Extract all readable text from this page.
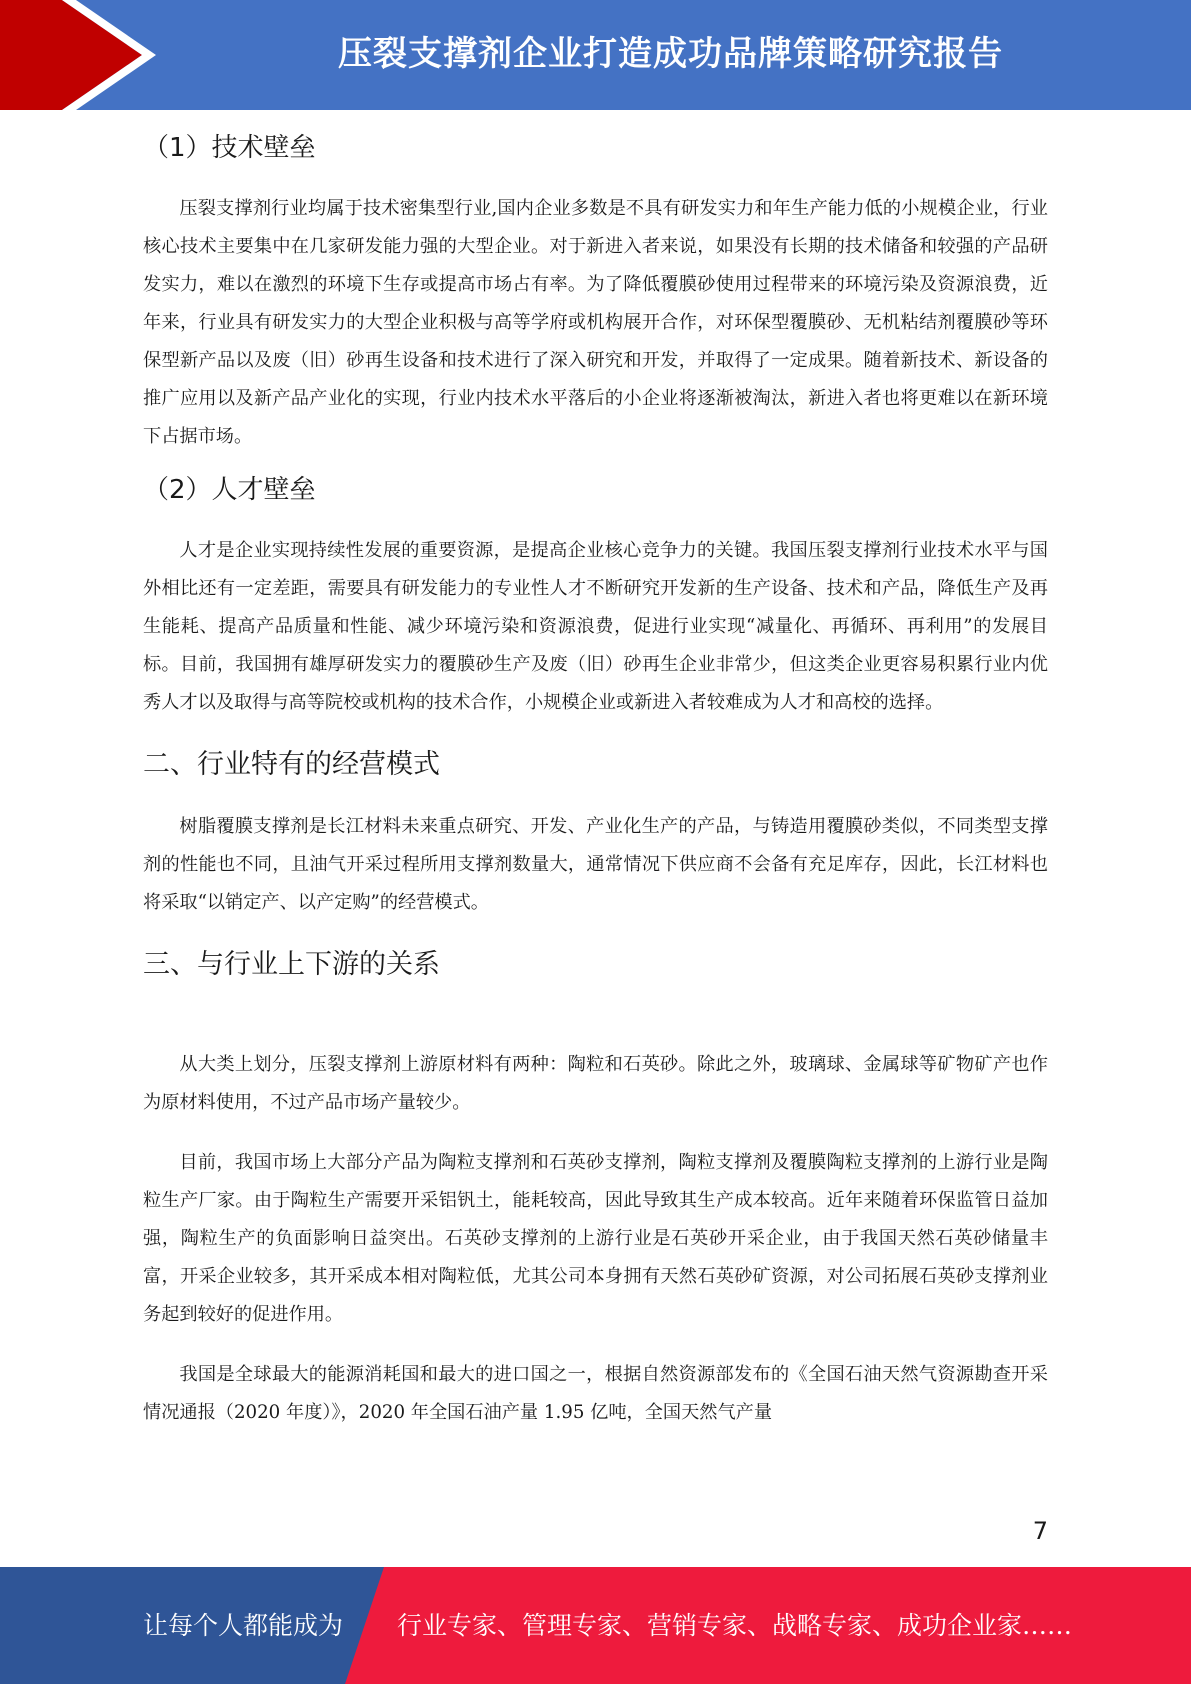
压裂支撑剂企业打造成功品牌策略研究报告
（1）技术壁垒

压裂支撑剂行业均属于技术密集型行业,国内企业多数是不具有研发实力和年生产能力低的小规模企业，行业核心技术主要集中在几家研发能力强的大型企业。对于新进入者来说，如果没有长期的技术储备和较强的产品研发实力，难以在激烈的环境下生存或提高市场占有率。为了降低覆膜砂使用过程带来的环境污染及资源浪费，近年来，行业具有研发实力的大型企业积极与高等学府或机构展开合作，对环保型覆膜砂、无机粘结剂覆膜砂等环保型新产品以及废（旧）砂再生设备和技术进行了深入研究和开发，并取得了一定成果。随着新技术、新设备的推广应用以及新产品产业化的实现，行业内技术水平落后的小企业将逐渐被淘汰，新进入者也将更难以在新环境下占据市场。

（2）人才壁垒

人才是企业实现持续性发展的重要资源，是提高企业核心竞争力的关键。我国压裂支撑剂行业技术水平与国外相比还有一定差距，需要具有研发能力的专业性人才不断研究开发新的生产设备、技术和产品，降低生产及再生能耗、提高产品质量和性能、减少环境污染和资源浪费，促进行业实现“减量化、再循环、再利用”的发展目标。目前，我国拥有雄厚研发实力的覆膜砂生产及废（旧）砂再生企业非常少，但这类企业更容易积累行业内优秀人才以及取得与高等院校或机构的技术合作，小规模企业或新进入者较难成为人才和高校的选择。

二、行业特有的经营模式

树脂覆膜支撑剂是长江材料未来重点研究、开发、产业化生产的产品，与铸造用覆膜砂类似，不同类型支撑剂的性能也不同，且油气开采过程所用支撑剂数量大，通常情况下供应商不会备有充足库存，因此，长江材料也将采取“以销定产、以产定购”的经营模式。

三、与行业上下游的关系

从大类上划分，压裂支撑剂上游原材料有两种：陶粒和石英砂。除此之外，玻璃球、金属球等矿物矿产也作为原材料使用，不过产品市场产量较少。

目前，我国市场上大部分产品为陶粒支撑剂和石英砂支撑剂，陶粒支撑剂及覆膜陶粒支撑剂的上游行业是陶粒生产厂家。由于陶粒生产需要开采铝钒土，能耗较高，因此导致其生产成本较高。近年来随着环保监管日益加强，陶粒生产的负面影响日益突出。石英砂支撑剂的上游行业是石英砂开采企业，由于我国天然石英砂储量丰富，开采企业较多，其开采成本相对陶粒低，尤其公司本身拥有天然石英砂矿资源，对公司拓展石英砂支撑剂业务起到较好的促进作用。

我国是全球最大的能源消耗国和最大的进口国之一，根据自然资源部发布的《全国石油天然气资源勘查开采情况通报（2020 年度）》，2020 年全国石油产量 1.95 亿吨，全国天然气产量

7
让每个人都能成为 行业专家、管理专家、营销专家、战略专家、成功企业家……
